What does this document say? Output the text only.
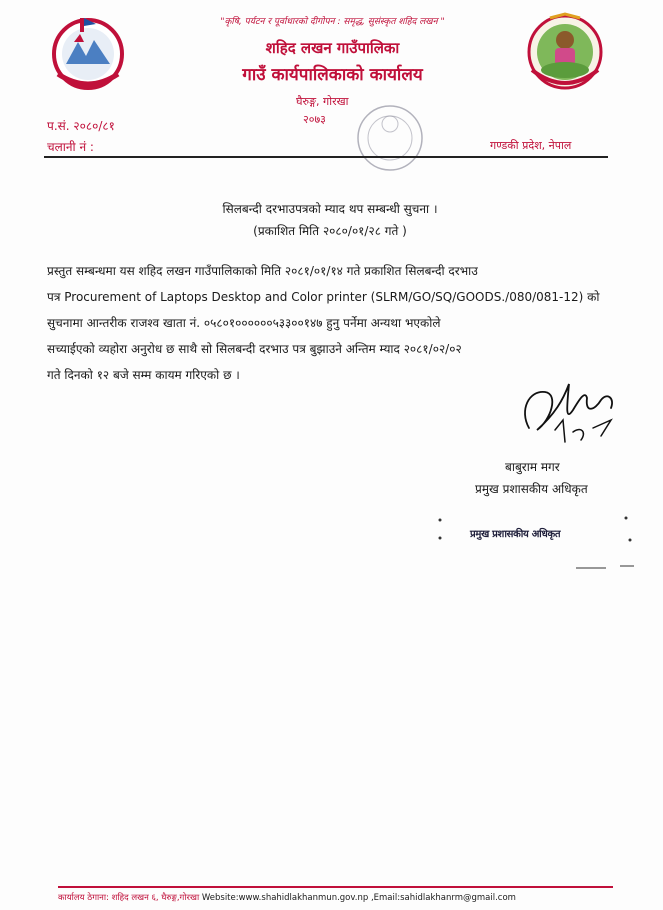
"कृषि, पर्यटन र पूर्वाधारको दीगोपन : समृद्ध, सुसंस्कृत शहिद लखन "
शहिद लखन गाउँपालिका
गाउँ कार्यपालिकाको कार्यालय
घैरुङ्ग, गोरखा
२०७३
प.सं. २०८०/८१
चलानी नं :	गण्डकी प्रदेश, नेपाल
सिलबन्दी दरभाउपत्रको म्याद थप सम्बन्धी सुचना ।
(प्रकाशित मिति २०८०/०१/२८ गते )
प्रस्तुत सम्बन्धमा यस शहिद लखन गाउँपालिकाको मिति २०८१/०१/१४ गते प्रकाशित सिलबन्दी दरभाउ
पत्र Procurement of Laptops Desktop and Color printer (SLRM/GO/SQ/GOODS./080/081-12) को
सुचनामा आन्तरीक राजश्व खाता नं. ०५८०१००००००५३३००१४७ हुनु पर्नेमा अन्यथा भएकोले
सच्याईएको व्यहोरा अनुरोध छ साथै सो सिलबन्दी दरभाउ पत्र बुझाउने अन्तिम म्याद २०८१/०२/०२
गते दिनको १२ बजे सम्म कायम गरिएको छ ।
बाबुराम मगर
प्रमुख प्रशासकीय अधिकृत
प्रमुख प्रशासकीय अधिकृत
कार्यालय ठेगाना: शहिद लखन ६, घैरुङ्ग,गोरखा Website:www.shahidlakhanmun.gov.np ,Email:sahidlakhanrm@gmail.com
